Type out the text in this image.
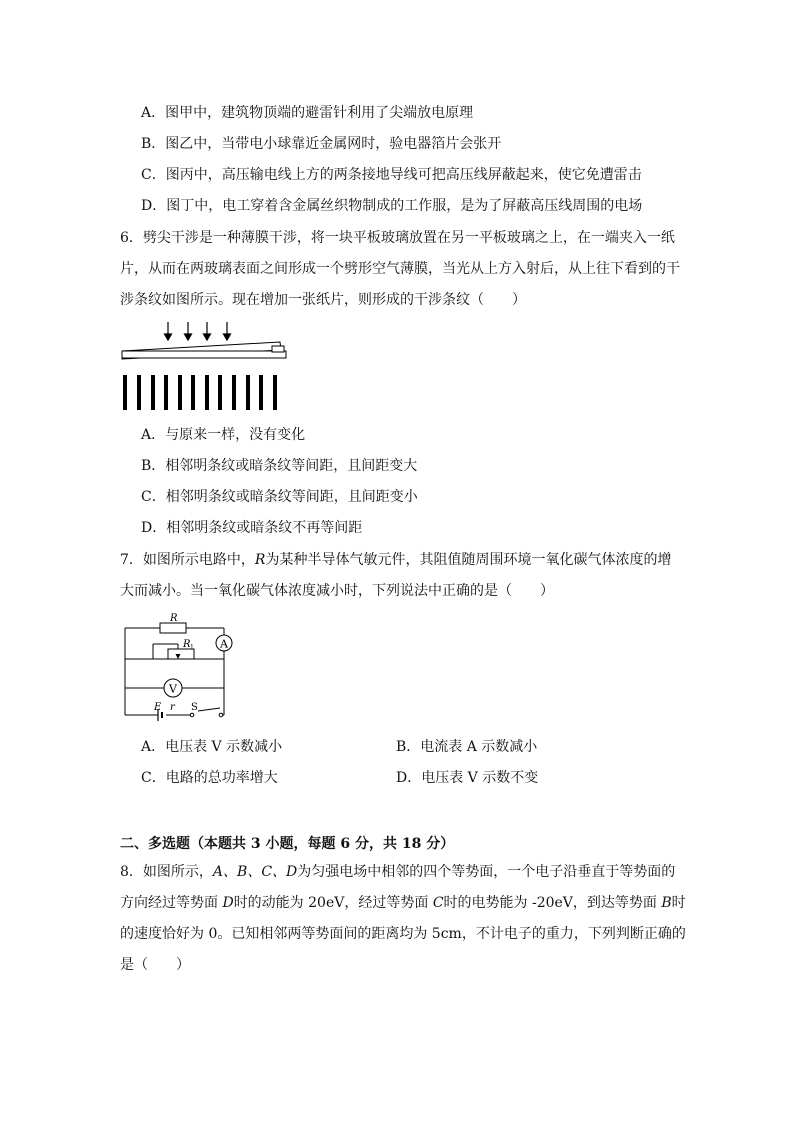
A．图甲中，建筑物顶端的避雷针利用了尖端放电原理
B．图乙中，当带电小球靠近金属网时，验电器箔片会张开
C．图丙中，高压输电线上方的两条接地导线可把高压线屏蔽起来，使它免遭雷击
D．图丁中，电工穿着含金属丝织物制成的工作服，是为了屏蔽高压线周围的电场
6．劈尖干涉是一种薄膜干涉，将一块平板玻璃放置在另一平板玻璃之上，在一端夹入一纸
片，从而在两玻璃表面之间形成一个劈形空气薄膜，当光从上方入射后，从上往下看到的干
涉条纹如图所示。现在增加一张纸片，则形成的干涉条纹（　　）
A．与原来一样，没有变化
B．相邻明条纹或暗条纹等间距，且间距变大
C．相邻明条纹或暗条纹等间距，且间距变小
D．相邻明条纹或暗条纹不再等间距
7．如图所示电路中，R为某种半导体气敏元件，其阻值随周围环境一氧化碳气体浓度的增
大而减小。当一氧化碳气体浓度减小时，下列说法中正确的是（　　）
A
V
R
R 1
E r S
A．电压表 V 示数减小	B．电流表 A 示数减小
C．电路的总功率增大	D．电压表 V 示数不变
二、多选题（本题共 3 小题，每题 6 分，共 18 分）
8．如图所示，A、B、C、D为匀强电场中相邻的四个等势面，一个电子沿垂直于等势面的
方向经过等势面 D时的动能为 20eV，经过等势面 C时的电势能为 -20eV，到达等势面 B时
的速度恰好为 0。已知相邻两等势面间的距离均为 5cm，不计电子的重力，下列判断正确的
是（　　）
